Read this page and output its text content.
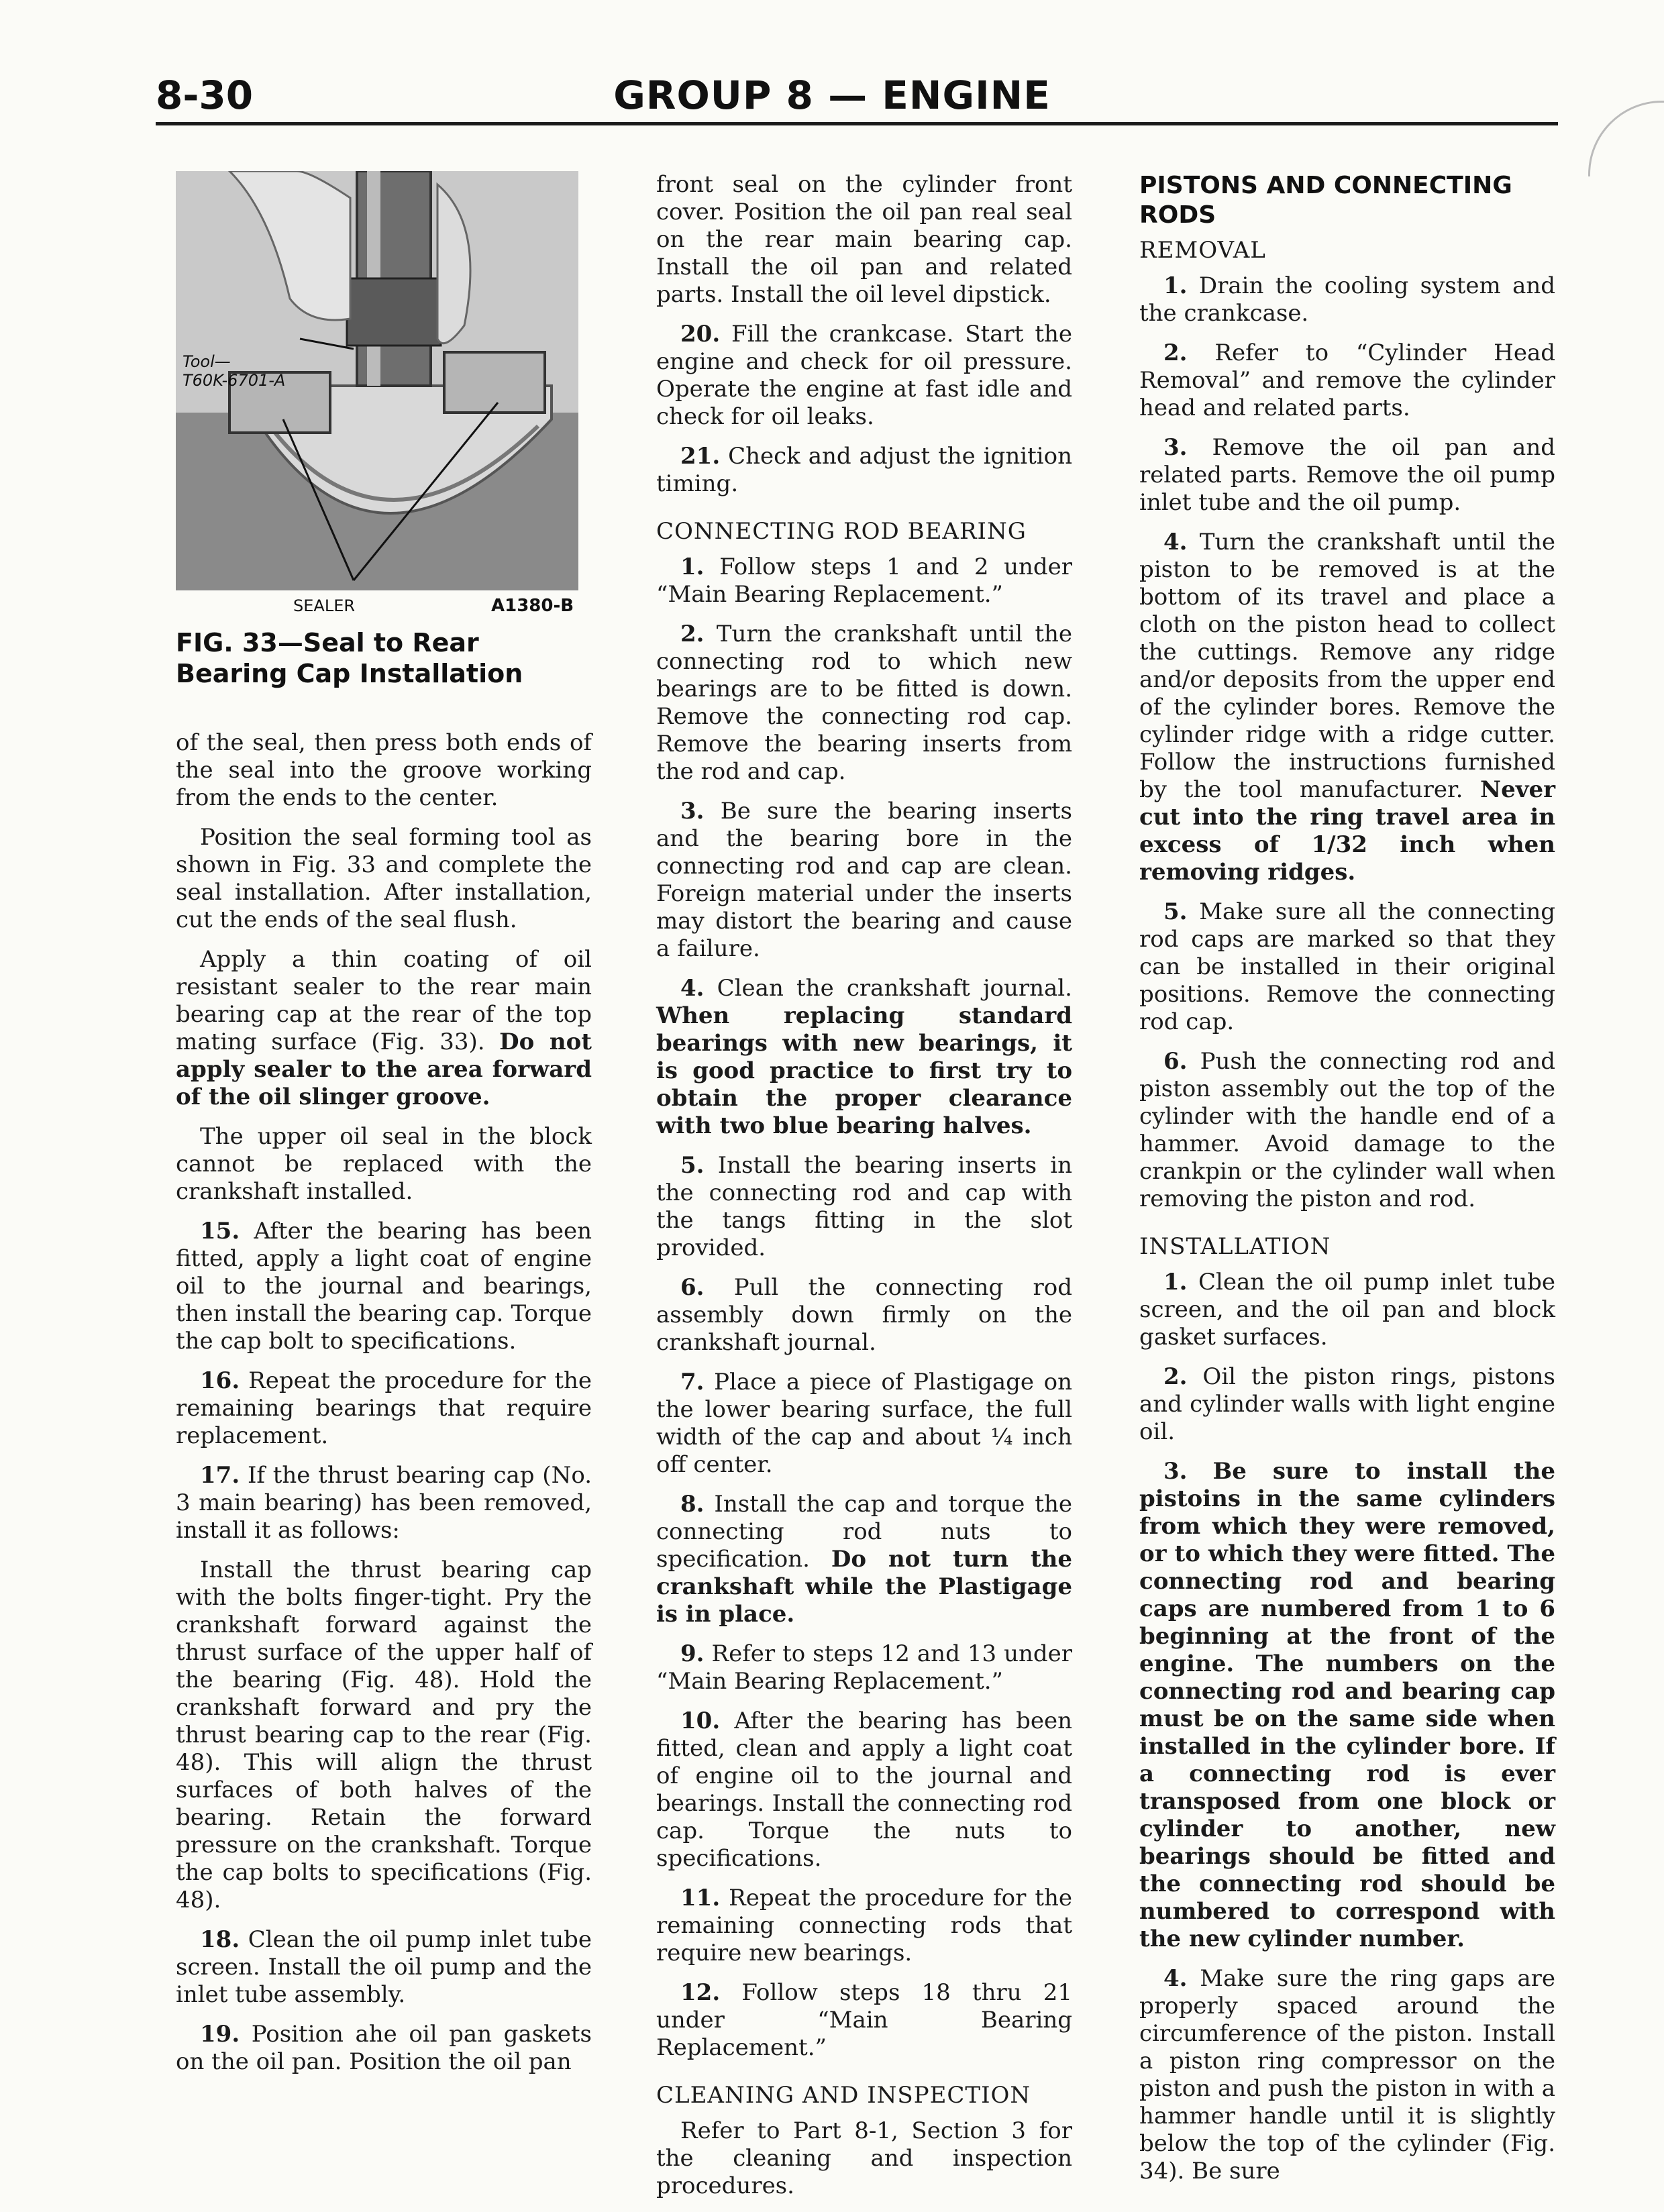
8-30	GROUP 8 — ENGINE
Tool—
T60K-6701-A
SEALER	A1380-B
FIG. 33—Seal to Rear Bearing Cap Installation

of the seal, then press both ends of the seal into the groove working from the ends to the center.

Position the seal forming tool as shown in Fig. 33 and complete the seal installation. After installation, cut the ends of the seal flush.

Apply a thin coating of oil resistant sealer to the rear main bearing cap at the rear of the top mating surface (Fig. 33). Do not apply sealer to the area forward of the oil slinger groove.

The upper oil seal in the block cannot be replaced with the crankshaft installed.

15. After the bearing has been fitted, apply a light coat of engine oil to the journal and bearings, then install the bearing cap. Torque the cap bolt to specifications.

16. Repeat the procedure for the remaining bearings that require replacement.

17. If the thrust bearing cap (No. 3 main bearing) has been removed, install it as follows:

Install the thrust bearing cap with the bolts finger-tight. Pry the crankshaft forward against the thrust surface of the upper half of the bearing (Fig. 48). Hold the crankshaft forward and pry the thrust bearing cap to the rear (Fig. 48). This will align the thrust surfaces of both halves of the bearing. Retain the forward pressure on the crankshaft. Torque the cap bolts to specifications (Fig. 48).

18. Clean the oil pump inlet tube screen. Install the oil pump and the inlet tube assembly.

19. Position ahe oil pan gaskets on the oil pan. Position the oil pan

front seal on the cylinder front cover. Position the oil pan real seal on the rear main bearing cap. Install the oil pan and related parts. Install the oil level dipstick.

20. Fill the crankcase. Start the engine and check for oil pressure. Operate the engine at fast idle and check for oil leaks.

21. Check and adjust the ignition timing.

CONNECTING ROD BEARING

1. Follow steps 1 and 2 under “Main Bearing Replacement.”

2. Turn the crankshaft until the connecting rod to which new bearings are to be fitted is down. Remove the connecting rod cap. Remove the bearing inserts from the rod and cap.

3. Be sure the bearing inserts and the bearing bore in the connecting rod and cap are clean. Foreign material under the inserts may distort the bearing and cause a failure.

4. Clean the crankshaft journal. When replacing standard bearings with new bearings, it is good practice to first try to obtain the proper clearance with two blue bearing halves.

5. Install the bearing inserts in the connecting rod and cap with the tangs fitting in the slot provided.

6. Pull the connecting rod assembly down firmly on the crankshaft journal.

7. Place a piece of Plastigage on the lower bearing surface, the full width of the cap and about ¼ inch off center.

8. Install the cap and torque the connecting rod nuts to specification. Do not turn the crankshaft while the Plastigage is in place.

9. Refer to steps 12 and 13 under “Main Bearing Replacement.”

10. After the bearing has been fitted, clean and apply a light coat of engine oil to the journal and bearings. Install the connecting rod cap. Torque the nuts to specifications.

11. Repeat the procedure for the remaining connecting rods that require new bearings.

12. Follow steps 18 thru 21 under “Main Bearing Replacement.”

CLEANING AND INSPECTION

Refer to Part 8-1, Section 3 for the cleaning and inspection procedures.

PISTONS AND CONNECTING RODS
REMOVAL

1. Drain the cooling system and the crankcase.

2. Refer to “Cylinder Head Removal” and remove the cylinder head and related parts.

3. Remove the oil pan and related parts. Remove the oil pump inlet tube and the oil pump.

4. Turn the crankshaft until the piston to be removed is at the bottom of its travel and place a cloth on the piston head to collect the cuttings. Remove any ridge and/or deposits from the upper end of the cylinder bores. Remove the cylinder ridge with a ridge cutter. Follow the instructions furnished by the tool manufacturer. Never cut into the ring travel area in excess of 1/32 inch when removing ridges.

5. Make sure all the connecting rod caps are marked so that they can be installed in their original positions. Remove the connecting rod cap.

6. Push the connecting rod and piston assembly out the top of the cylinder with the handle end of a hammer. Avoid damage to the crankpin or the cylinder wall when removing the piston and rod.

INSTALLATION

1. Clean the oil pump inlet tube screen, and the oil pan and block gasket surfaces.

2. Oil the piston rings, pistons and cylinder walls with light engine oil.

3. Be sure to install the pistoins in the same cylinders from which they were removed, or to which they were fitted. The connecting rod and bearing caps are numbered from 1 to 6 beginning at the front of the engine. The numbers on the connecting rod and bearing cap must be on the same side when installed in the cylinder bore. If a connecting rod is ever transposed from one block or cylinder to another, new bearings should be fitted and the connecting rod should be numbered to correspond with the new cylinder number.

4. Make sure the ring gaps are properly spaced around the circumference of the piston. Install a piston ring compressor on the piston and push the piston in with a hammer handle until it is slightly below the top of the cylinder (Fig. 34). Be sure
